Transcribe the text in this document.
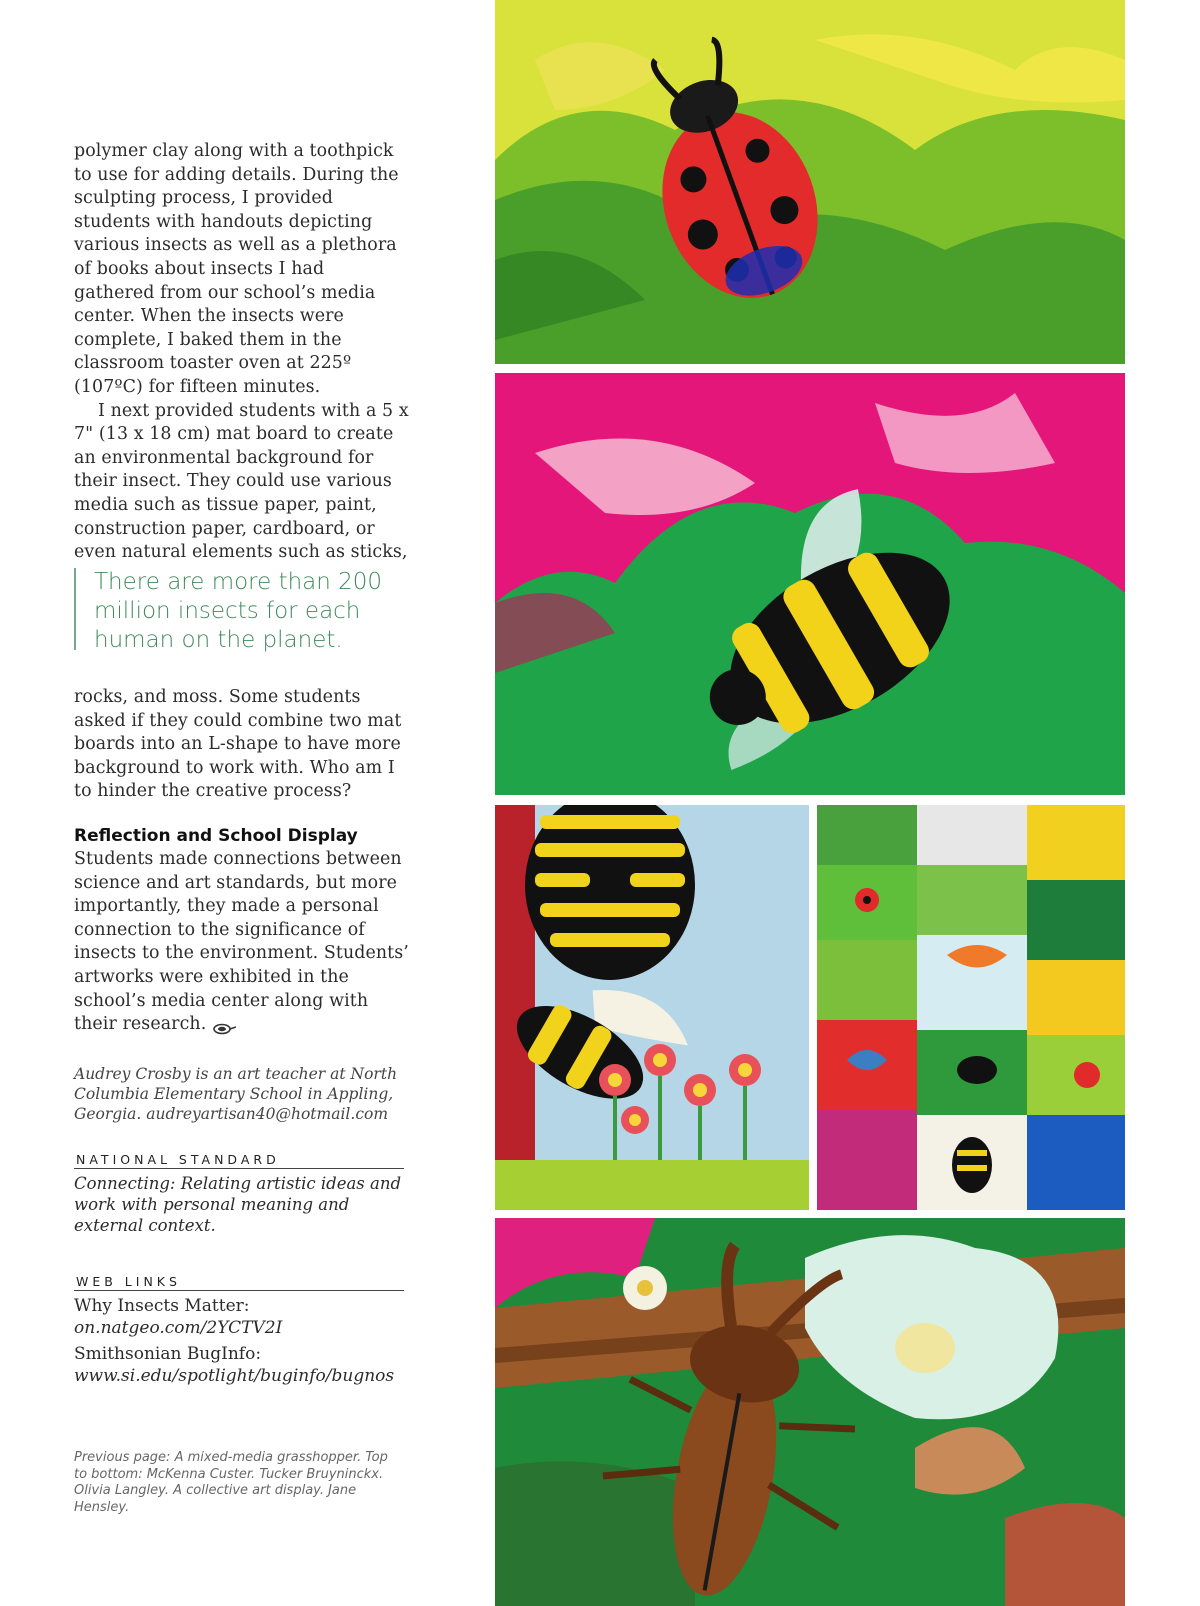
polymer clay along with a toothpick to use for adding details. During the sculpting process, I provided students with handouts depicting various insects as well as a plethora of books about insects I had gathered from our school’s media center. When the insects were complete, I baked them in the classroom toaster oven at 225º (107ºC) for fifteen minutes.

I next provided students with a 5 x 7" (13 x 18 cm) mat board to create an environmental background for their insect. They could use various media such as tissue paper, paint, construction paper, cardboard, or even natural elements such as sticks,

There are more than 200
million insects for each
human on the planet.

rocks, and moss. Some students asked if they could combine two mat boards into an L-shape to have more background to work with. Who am I to hinder the creative process?

Reflection and School Display

Students made connections between science and art standards, but more importantly, they made a personal connection to the significance of insects to the environment. Students’ artworks were exhibited in the school’s media center along with their research.

Audrey Crosby is an art teacher at North Columbia Elementary School in Appling, Georgia. audreyartisan40@hotmail.com
NATIONAL STANDARD
Connecting: Relating artistic ideas and work with personal meaning and external context.
WEB LINKS
Why Insects Matter: on.natgeo.com/2YCTV2I
Smithsonian BugInfo: www.si.edu/spotlight/buginfo/bugnos
Previous page: A mixed-media grasshopper. Top to bottom: McKenna Custer. Tucker Bruyninckx. Olivia Langley. A collective art display. Jane Hensley.
